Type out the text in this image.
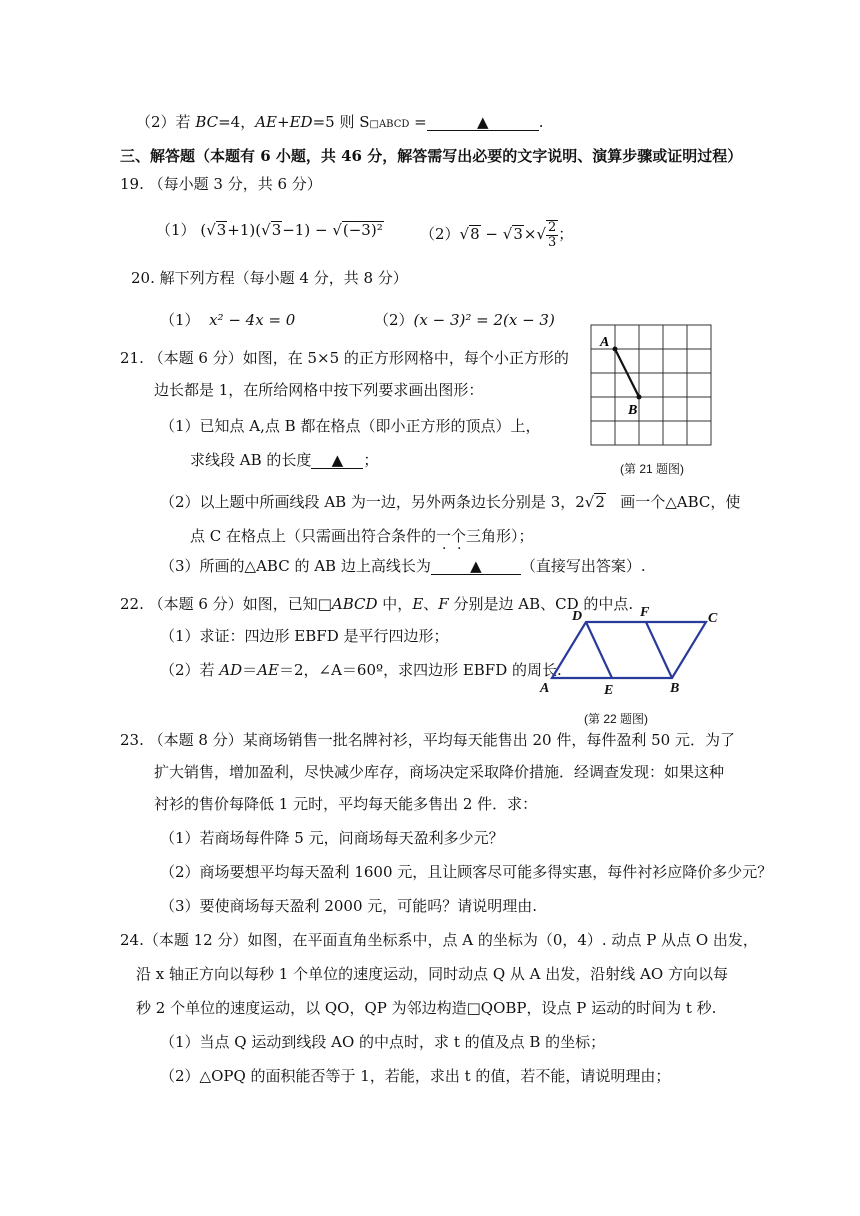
（2）若 BC=4，AE+ED=5 则 S□ABCD =	▲	.
三、解答题（本题有 6 小题，共 46 分，解答需写出必要的文字说明、演算步骤或证明过程）
19. （每小题 3 分，共 6 分）
（1） (√3+1)(√3−1) − √(−3)² $(2)√8 - √3\times√ \frac{2}{3}$ ；
20. 解下列方程（每小题 4 分，共 8 分）
（1） x² − 4x = 0	（2）(x − 3)² = 2(x − 3)
21. （本题 6 分）如图，在 5×5 的正方形网格中，每个小正方形的
边长都是 1，在所给网格中按下列要求画出图形：
（1）已知点 A,点 B 都在格点（即小正方形的顶点）上，
求线段 AB 的长度 ▲ ；
（2）以上题中所画线段 AB 为一边，另外两条边长分别是 3，2√2   画一个△ABC，使
点 C 在格点上（只需画出符合条件的一个三角形）；
（3）所画的△ABC 的 AB 边上高线长为	▲	（直接写出答案）.
A
B
(第 21 题图)
22. （本题 6 分）如图，已知□ABCD 中，E、F 分别是边 AB、CD 的中点.
（1）求证：四边形 EBFD 是平行四边形；
（2）若 AD＝AE＝2，∠A＝60º，求四边形 EBFD 的周长.
A
D	F	C
E	B
(第 22 题图)
23. （本题 8 分）某商场销售一批名牌衬衫，平均每天能售出 20 件，每件盈利 50 元．为了
扩大销售，增加盈利，尽快减少库存，商场决定采取降价措施．经调查发现：如果这种
衬衫的售价每降低 1 元时，平均每天能多售出 2 件．求：
（1）若商场每件降 5 元，问商场每天盈利多少元？
（2）商场要想平均每天盈利 1600 元，且让顾客尽可能多得实惠，每件衬衫应降价多少元？
（3）要使商场每天盈利 2000 元，可能吗？请说明理由.
24.（本题 12 分）如图，在平面直角坐标系中，点 A 的坐标为（0，4）. 动点 P 从点 O 出发，
沿 x 轴正方向以每秒 1 个单位的速度运动，同时动点 Q 从 A 出发，沿射线 AO 方向以每
秒 2 个单位的速度运动，以 QO，QP 为邻边构造□QOBP，设点 P 运动的时间为 t 秒.
（1）当点 Q 运动到线段 AO 的中点时，求 t 的值及点 B 的坐标；
（2）△OPQ 的面积能否等于 1，若能，求出 t 的值，若不能，请说明理由；
